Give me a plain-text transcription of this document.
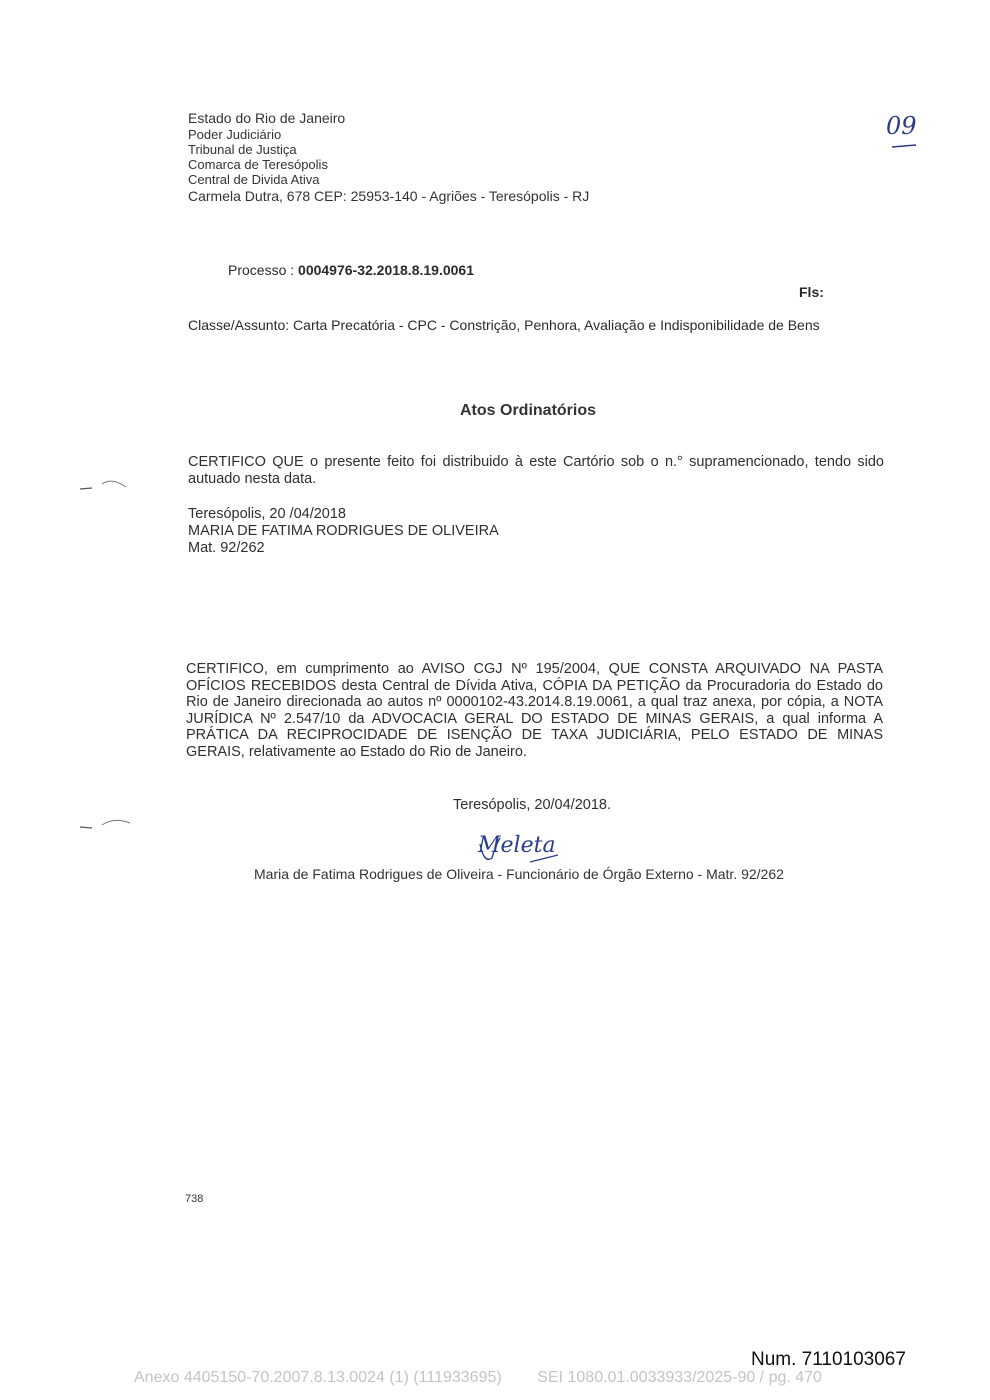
Estado do Rio de Janeiro
Poder Judiciário
Tribunal de Justiça
Comarca de Teresópolis
Central de Divida Ativa
Carmela Dutra, 678 CEP: 25953-140 - Agriões - Teresópolis - RJ
09
Processo : 0004976-32.2018.8.19.0061
Fls:
Classe/Assunto: Carta Precatória - CPC - Constrição, Penhora, Avaliação e Indisponibilidade de Bens
Atos Ordinatórios
CERTIFICO QUE o presente feito foi distribuido à este Cartório sob o n.° supramencionado, tendo sido autuado nesta data.
Teresópolis, 20 /04/2018
MARIA DE FATIMA RODRIGUES DE OLIVEIRA
Mat. 92/262
CERTIFICO, em cumprimento ao AVISO CGJ Nº 195/2004, QUE CONSTA ARQUIVADO NA PASTA OFÍCIOS RECEBIDOS desta Central de Dívida Ativa, CÓPIA DA PETIÇÃO da Procuradoria do Estado do Rio de Janeiro direcionada ao autos nº 0000102-43.2014.8.19.0061, a qual traz anexa, por cópia, a NOTA JURÍDICA Nº 2.547/10 da ADVOCACIA GERAL DO ESTADO DE MINAS GERAIS, a qual informa A PRÁTICA DA RECIPROCIDADE DE ISENÇÃO DE TAXA JUDICIÁRIA, PELO ESTADO DE MINAS GERAIS, relativamente ao Estado do Rio de Janeiro.
Teresópolis, 20/04/2018.
Meleta
Maria de Fatima Rodrigues de Oliveira - Funcionário de Órgão Externo - Matr. 92/262
738
Num. 7110103067
Anexo 4405150-70.2007.8.13.0024 (1) (111933695)        SEI 1080.01.0033933/2025-90 / pg. 470
